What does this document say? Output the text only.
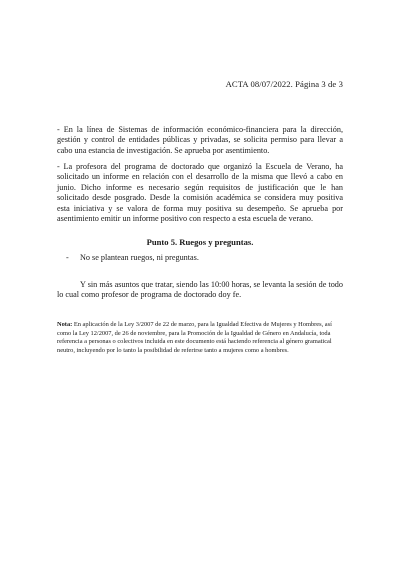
ACTA 08/07/2022. Página 3 de 3

- En la línea de Sistemas de información económico-financiera para la dirección, gestión y control de entidades públicas y privadas, se solicita permiso para llevar a cabo una estancia de investigación. Se aprueba por asentimiento.

- La profesora del programa de doctorado que organizó la Escuela de Verano, ha solicitado un informe en relación con el desarrollo de la misma que llevó a cabo en junio. Dicho informe es necesario según requisitos de justificación que le han solicitado desde posgrado. Desde la comisión académica se considera muy positiva esta iniciativa y se valora de forma muy positiva su desempeño. Se aprueba por asentimiento emitir un informe positivo con respecto a esta escuela de verano.

Punto 5. Ruegos y preguntas.
- No se plantean ruegos, ni preguntas.

Y sin más asuntos que tratar, siendo las 10:00 horas, se levanta la sesión de todo lo cual como profesor de programa de doctorado doy fe.

Nota: En aplicación de la Ley 3/2007 de 22 de marzo, para la Igualdad Efectiva de Mujeres y Hombres, así como la Ley 12/2007, de 26 de noviembre, para la Promoción de la Igualdad de Género en Andalucía, toda referencia a personas o colectivos incluida en este documento está haciendo referencia al género gramatical neutro, incluyendo por lo tanto la posibilidad de referirse tanto a mujeres como a hombres.
